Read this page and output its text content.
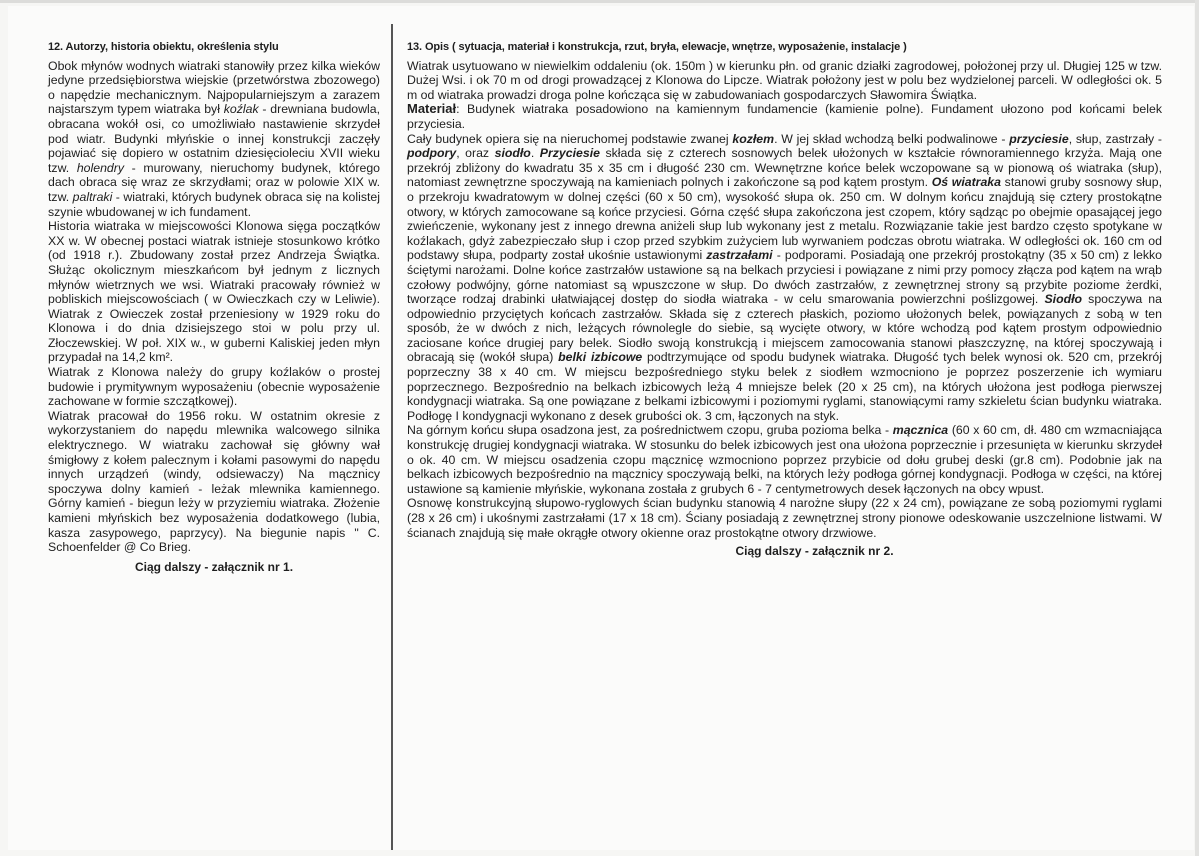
12. Autorzy, historia obiektu, określenia stylu

Obok młynów wodnych wiatraki stanowiły przez kilka wieków jedyne przedsiębiorstwa wiejskie (przetwórstwa zbozowego) o napędzie mechanicznym. Najpopularniejszym a zarazem najstarszym typem wiatraka był koźlak - drewniana budowla, obracana wokół osi, co umożliwiało nastawienie skrzydeł pod wiatr. Budynki młyńskie o innej konstrukcji zaczęły pojawiać się dopiero w ostatnim dziesięcioleciu XVII wieku tzw. holendry - murowany, nieruchomy budynek, którego dach obraca się wraz ze skrzydłami; oraz w polowie XIX w. tzw. paltraki - wiatraki, których budynek obraca się na kolistej szynie wbudowanej w ich fundament.

Historia wiatraka w miejscowości Klonowa sięga początków XX w. W obecnej postaci wiatrak istnieje stosunkowo krótko (od 1918 r.). Zbudowany został przez Andrzeja Świątka. Służąc okolicznym mieszkańcom był jednym z licznych młynów wietrznych we wsi. Wiatraki pracowały również w pobliskich miejscowościach ( w Owieczkach czy w Leliwie). Wiatrak z Owieczek został przeniesiony w 1929 roku do Klonowa i do dnia dzisiejszego stoi w polu przy ul. Złoczewskiej. W poł. XIX w., w guberni Kaliskiej jeden młyn przypadał na 14,2 km².

Wiatrak z Klonowa należy do grupy koźlaków o prostej budowie i prymitywnym wyposażeniu (obecnie wyposażenie zachowane w formie szczątkowej).

Wiatrak pracował do 1956 roku. W ostatnim okresie z wykorzystaniem do napędu mlewnika walcowego silnika elektrycznego. W wiatraku zachował się główny wał śmigłowy z kołem palecznym i kołami pasowymi do napędu innych urządzeń (windy, odsiewaczy) Na mącznicy spoczywa dolny kamień - leżak mlewnika kamiennego. Górny kamień - biegun leży w przyziemiu wiatraka. Złożenie kamieni młyńskich bez wyposażenia dodatkowego (lubia, kasza zasypowego, paprzycy). Na biegunie napis " C. Schoenfelder @ Co Brieg.

Ciąg dalszy - załącznik nr 1.
13. Opis ( sytuacja, materiał i konstrukcja, rzut, bryła, elewacje, wnętrze, wyposażenie, instalacje )

Wiatrak usytuowano w niewielkim oddaleniu (ok. 150m ) w kierunku płn. od granic działki zagrodowej, położonej przy ul. Długiej 125 w tzw. Dużej Wsi. i ok 70 m od drogi prowadzącej z Klonowa do Lipcze. Wiatrak położony jest w polu bez wydzielonej parceli. W odległości ok. 5 m od wiatraka prowadzi droga polne kończąca się w zabudowaniach gospodarczych Sławomira Świątka.

Materiał: Budynek wiatraka posadowiono na kamiennym fundamencie (kamienie polne). Fundament ułozono pod końcami belek przyciesia.

Cały budynek opiera się na nieruchomej podstawie zwanej kozłem. W jej skład wchodzą belki podwalinowe - przyciesie, słup, zastrzały - podpory, oraz siodło. Przyciesie składa się z czterech sosnowych belek ułożonych w kształcie równoramiennego krzyża. Mają one przekrój zbliżony do kwadratu 35 x 35 cm i długość 230 cm. Wewnętrzne końce belek wczopowane są w pionową oś wiatraka (słup), natomiast zewnętrzne spoczywają na kamieniach polnych i zakończone są pod kątem prostym. Oś wiatraka stanowi gruby sosnowy słup, o przekroju kwadratowym w dolnej części (60 x 50 cm), wysokość słupa ok. 250 cm. W dolnym końcu znajdują się cztery prostokątne otwory, w których zamocowane są końce przyciesi. Górna część słupa zakończona jest czopem, który sądząc po obejmie opasającej jego zwieńczenie, wykonany jest z innego drewna aniżeli słup lub wykonany jest z metalu. Rozwiązanie takie jest bardzo często spotykane w koźlakach, gdyż zabezpieczało słup i czop przed szybkim zużyciem lub wyrwaniem podczas obrotu wiatraka. W odległości ok. 160 cm od podstawy słupa, podparty został ukośnie ustawionymi zastrzałami - podporami. Posiadają one przekrój prostokątny (35 x 50 cm) z lekko ściętymi narożami. Dolne końce zastrzałów ustawione są na belkach przyciesi i powiązane z nimi przy pomocy złącza pod kątem na wrąb czołowy podwójny, górne natomiast są wpuszczone w słup. Do dwóch zastrzałów, z zewnętrznej strony są przybite poziome żerdki, tworzące rodzaj drabinki ułatwiającej dostęp do siodła wiatraka - w celu smarowania powierzchni poślizgowej. Siodło spoczywa na odpowiednio przyciętych końcach zastrzałów. Składa się z czterech płaskich, poziomo ułożonych belek, powiązanych z sobą w ten sposób, że w dwóch z nich, leżących równolegle do siebie, są wycięte otwory, w które wchodzą pod kątem prostym odpowiednio zaciosane końce drugiej pary belek. Siodło swoją konstrukcją i miejscem zamocowania stanowi płaszczyznę, na której spoczywają i obracają się (wokół słupa) belki izbicowe podtrzymujące od spodu budynek wiatraka. Długość tych belek wynosi ok. 520 cm, przekrój poprzeczny 38 x 40 cm. W miejscu bezpośredniego styku belek z siodłem wzmocniono je poprzez poszerzenie ich wymiaru poprzecznego. Bezpośrednio na belkach izbicowych leżą 4 mniejsze belek (20 x 25 cm), na których ułożona jest podłoga pierwszej kondygnacji wiatraka. Są one powiązane z belkami izbicowymi i poziomymi ryglami, stanowiącymi ramy szkieletu ścian budynku wiatraka. Podłogę I kondygnacji wykonano z desek grubości ok. 3 cm, łączonych na styk.

Na górnym końcu słupa osadzona jest, za pośrednictwem czopu, gruba pozioma belka - mącznica (60 x 60 cm, dł. 480 cm wzmacniająca konstrukcję drugiej kondygnacji wiatraka. W stosunku do belek izbicowych jest ona ułożona poprzecznie i przesunięta w kierunku skrzydeł o ok. 40 cm. W miejscu osadzenia czopu mącznicę wzmocniono poprzez przybicie od dołu grubej deski (gr.8 cm). Podobnie jak na belkach izbicowych bezpośrednio na mącznicy spoczywają belki, na których leży podłoga górnej kondygnacji. Podłoga w części, na której ustawione są kamienie młyńskie, wykonana została z grubych 6 - 7 centymetrowych desek łączonych na obcy wpust.

Osnowę konstrukcyjną słupowo-ryglowych ścian budynku stanowią 4 narożne słupy (22 x 24 cm), powiązane ze sobą poziomymi ryglami (28 x 26 cm) i ukośnymi zastrzałami (17 x 18 cm). Ściany posiadają z zewnętrznej strony pionowe odeskowanie uszczelnione listwami. W ścianach znajdują się małe okrągłe otwory okienne oraz prostokątne otwory drzwiowe.

Ciąg dalszy - załącznik nr 2.
